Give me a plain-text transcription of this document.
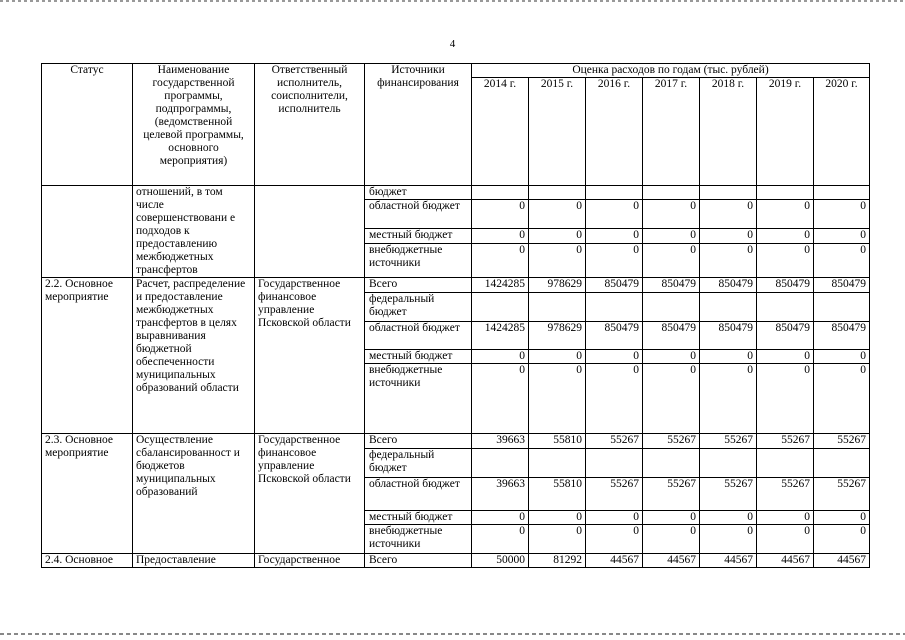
4
Статус	Наименование государственной программы, подпрограммы, (ведомственной целевой программы, основного мероприятия)	Ответственный исполнитель, соисполнители, исполнитель	Источники финансирования	Оценка расходов по годам (тыс. рублей)						
				2014 г.	2015 г.	2016 г.	2017 г.	2018 г.	2019 г.	2020 г.
	отношений, в том числе совершенствовани е подходов к предоставлению межбюджетных трансфертов		бюджет							
			областной бюджет	0	0	0	0	0	0	0
			местный бюджет	0	0	0	0	0	0	0
			внебюджетные источники	0	0	0	0	0	0	0
2.2. Основное мероприятие	Расчет, распределение и предоставление межбюджетных трансфертов в целях выравнивания бюджетной обеспеченности муниципальных образований области	Государственное финансовое управление Псковской области	Всего	1424285	978629	850479	850479	850479	850479	850479
			федеральный бюджет							
			областной бюджет	1424285	978629	850479	850479	850479	850479	850479
			местный бюджет	0	0	0	0	0	0	0
			внебюджетные источники	0	0	0	0	0	0	0
2.3. Основное мероприятие	Осуществление сбалансированност и бюджетов муниципальных образований	Государственное финансовое управление Псковской области	Всего	39663	55810	55267	55267	55267	55267	55267
			федеральный бюджет							
			областной бюджет	39663	55810	55267	55267	55267	55267	55267
			местный бюджет	0	0	0	0	0	0	0
			внебюджетные источники	0	0	0	0	0	0	0
2.4. Основное	Предоставление	Государственное	Всего	50000	81292	44567	44567	44567	44567	44567
